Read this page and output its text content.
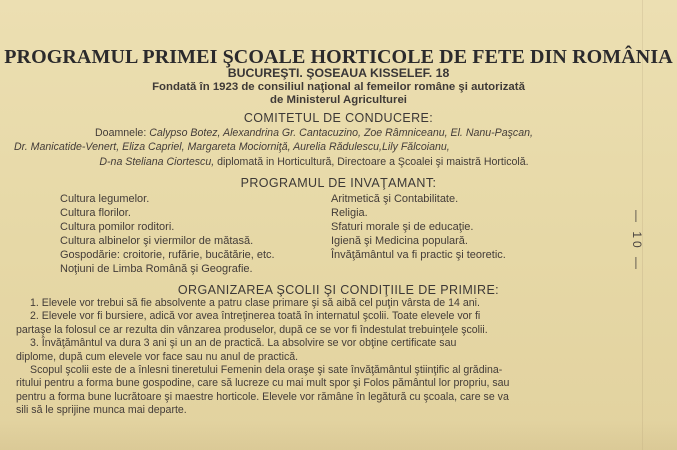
PROGRAMUL PRIMEI ŞCOALE HORTICOLE DE FETE DIN ROMÂNIA
BUCUREŞTI. ŞOSEAUA KISSELEF. 18
Fondată în 1923 de consiliul naţional al femeilor române şi autorizată
de Ministerul Agriculturei
COMITETUL DE CONDUCERE:
Doamnele: Calypso Botez, Alexandrina Gr. Cantacuzino, Zoe Râmniceanu, El. Nanu-Paşcan,
Dr. Manicatide-Venert, Eliza Capriel, Margareta Mociorniţă, Aurelia Rădulescu,Lily Fălcoianu,
D-na Steliana Ciortescu, diplomată in Horticultură, Directoare a Şcoalei şi maistră Horticolă.
PROGRAMUL DE INVAŢAMANT:
Cultura legumelor.
Cultura florilor.
Cultura pomilor roditori.
Cultura albinelor şi viermilor de mătasă.
Gospodărie: croitorie, rufărie, bucătărie, etc.
Noţiuni de Limba Română şi Geografie.
Aritmetică şi Contabilitate.
Religia.
Sfaturi morale şi de educaţie.
Igienă şi Medicina populară.
Învăţământul va fi practic şi teoretic.
ORGANIZAREA ŞCOLII ŞI CONDIŢIILE DE PRIMIRE:
1. Elevele vor trebui să fie absolvente a patru clase primare şi să aibă cel puţin vârsta de 14 ani.
2. Elevele vor fi bursiere, adică vor avea întreţinerea toată în internatul şcolii. Toate elevele vor fi
partaşe la folosul ce ar rezulta din vânzarea produselor, după ce se vor fi îndestulat trebuinţele şcolii.
3. Învăţământul va dura 3 ani şi un an de practică. La absolvire se vor obţine certificate sau
diplome, după cum elevele vor face sau nu anul de practică.
Scopul şcolii este de a înlesni tineretului Femenin dela oraşe şi sate învăţământul ştiinţific al grădina-
ritului pentru a forma bune gospodine, care să lucreze cu mai mult spor şi Folos pământul lor propriu, sau
pentru a forma bune lucrătoare şi maestre horticole. Elevele vor rămâne în legătură cu şcoala, care se va
sili să le sprijine munca mai departe.
— 10 —
